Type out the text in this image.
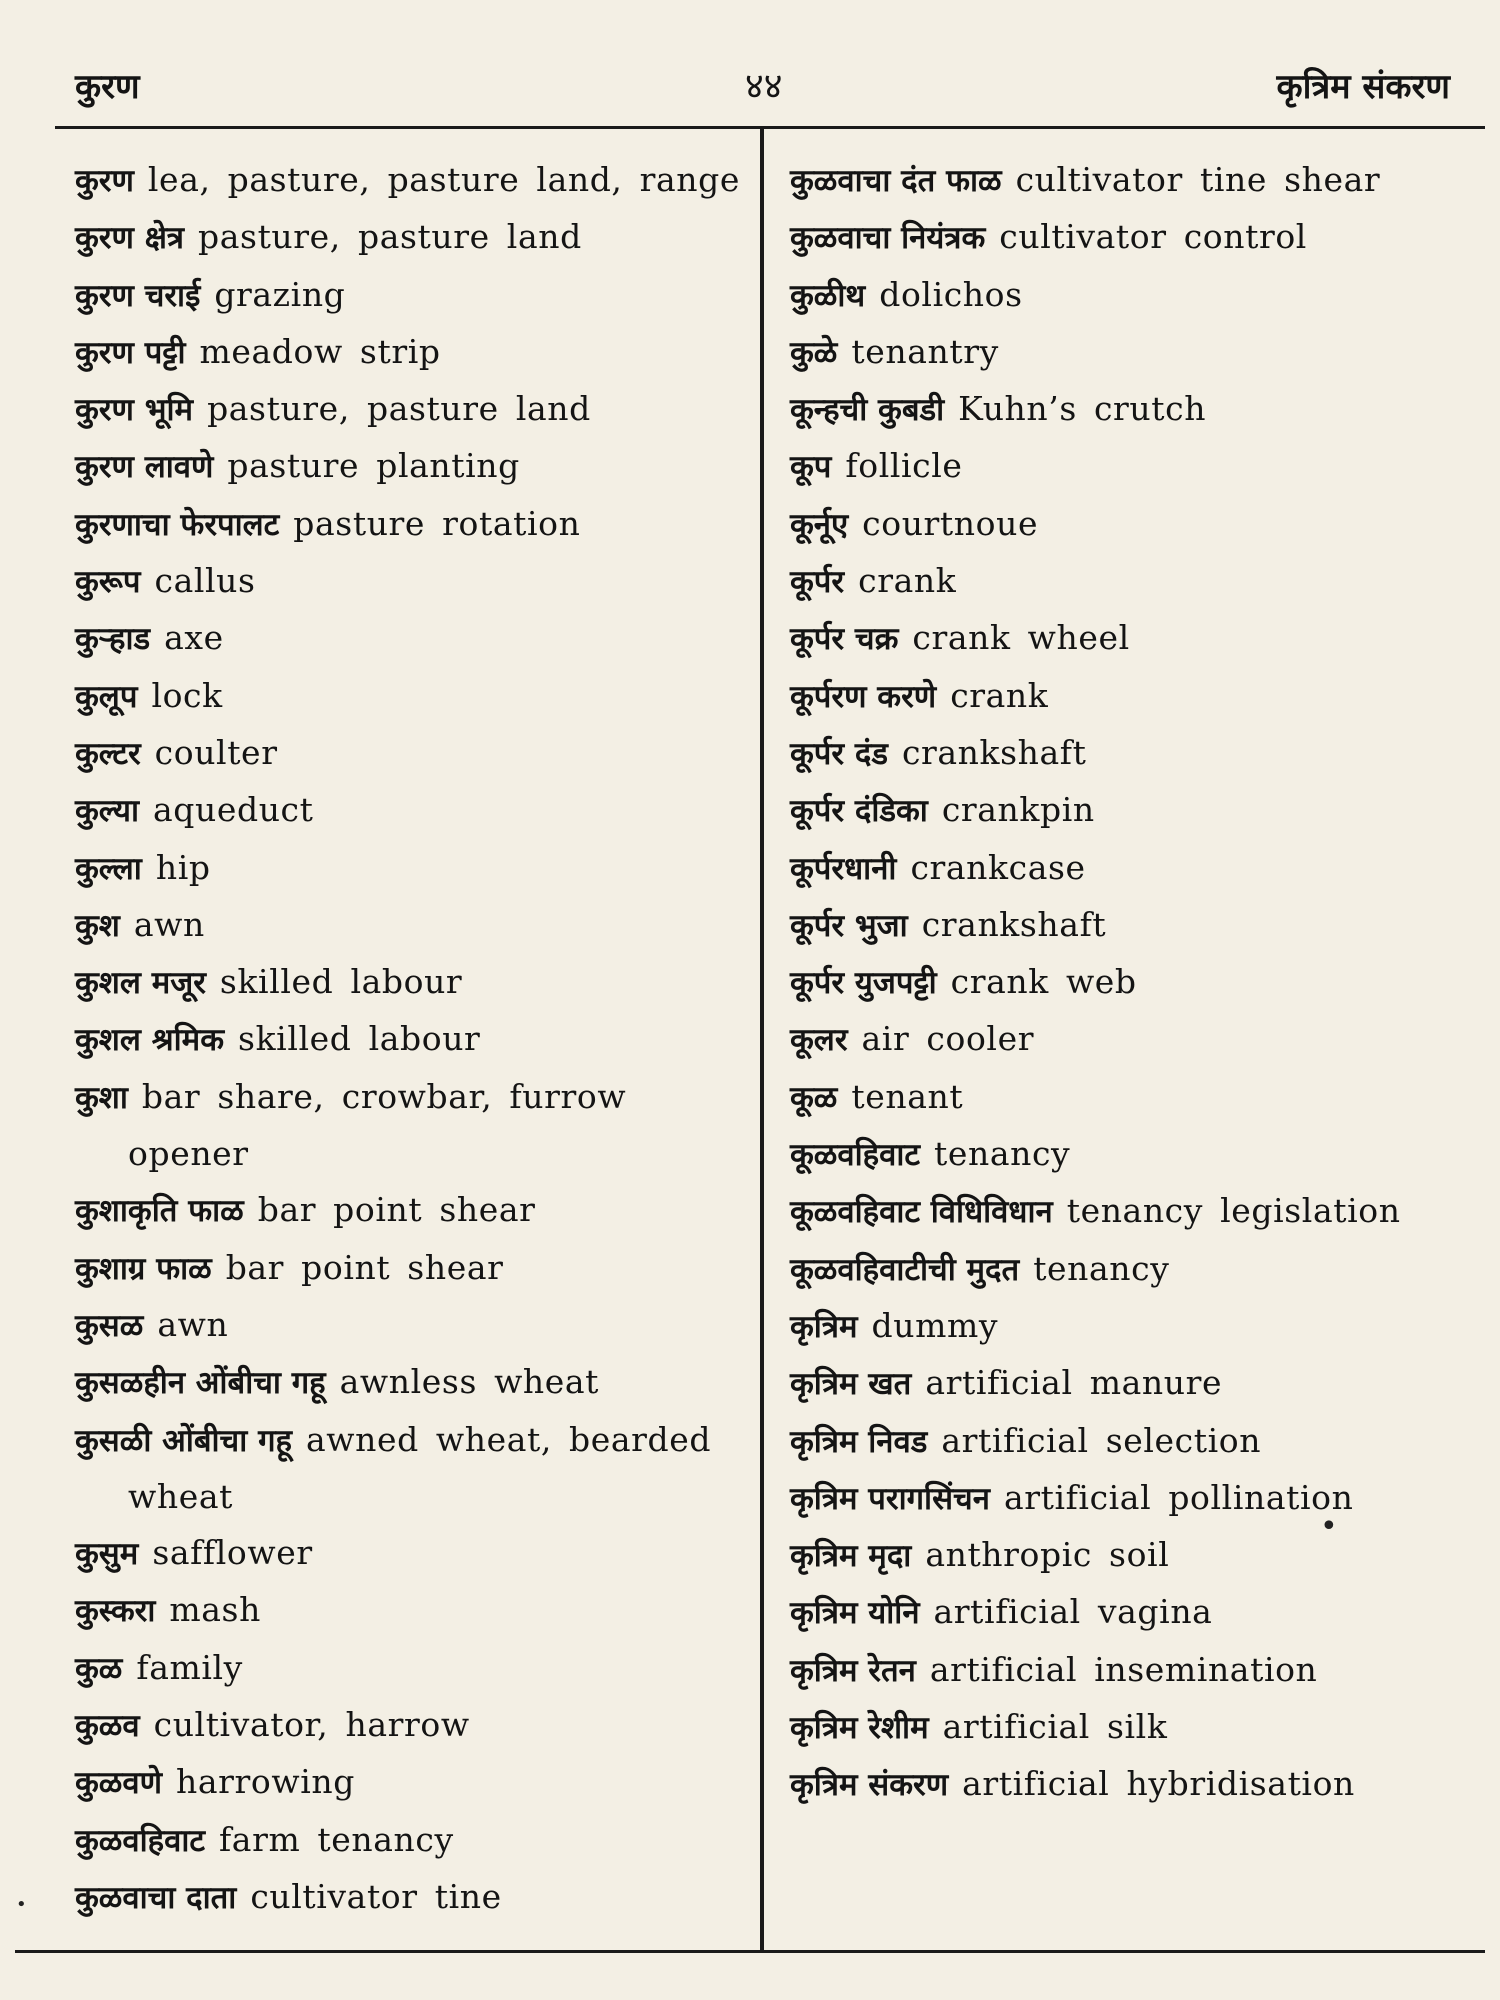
कुरण	४४	कृत्रिम संकरण
कुरण lea, pasture, pasture land, range
कुरण क्षेत्र pasture, pasture land
कुरण चराई grazing
कुरण पट्टी meadow strip
कुरण भूमि pasture, pasture land
कुरण लावणे pasture planting
कुरणाचा फेरपालट pasture rotation
कुरूप callus
कुऱ्हाड axe
कुलूप lock
कुल्टर coulter
कुल्या aqueduct
कुल्ला hip
कुश awn
कुशल मजूर skilled labour
कुशल श्रमिक skilled labour
कुशा bar share, crowbar, furrow opener
कुशाकृति फाळ bar point shear
कुशाग्र फाळ bar point shear
कुसळ awn
कुसळहीन ओंबीचा गहू awnless wheat
कुसळी ओंबीचा गहू awned wheat, bearded wheat
कुसुम safflower
कुस्करा mash
कुळ family
कुळव cultivator, harrow
कुळवणे harrowing
कुळवहिवाट farm tenancy
कुळवाचा दाता cultivator tine
कुळवाचा दंत फाळ cultivator tine shear
कुळवाचा नियंत्रक cultivator control
कुळीथ dolichos
कुळे tenantry
कून्हची कुबडी Kuhn’s crutch
कूप follicle
कूर्नूए courtnoue
कूर्पर crank
कूर्पर चक्र crank wheel
कूर्परण करणे crank
कूर्पर दंड crankshaft
कूर्पर दंडिका crankpin
कूर्परधानी crankcase
कूर्पर भुजा crankshaft
कूर्पर युजपट्टी crank web
कूलर air cooler
कूळ tenant
कूळवहिवाट tenancy
कूळवहिवाट विधिविधान tenancy legislation
कूळवहिवाटीची मुदत tenancy
कृत्रिम dummy
कृत्रिम खत artificial manure
कृत्रिम निवड artificial selection
कृत्रिम परागसिंचन artificial pollination
कृत्रिम मृदा anthropic soil
कृत्रिम योनि artificial vagina
कृत्रिम रेतन artificial insemination
कृत्रिम रेशीम artificial silk
कृत्रिम संकरण artificial hybridisation
•
•
